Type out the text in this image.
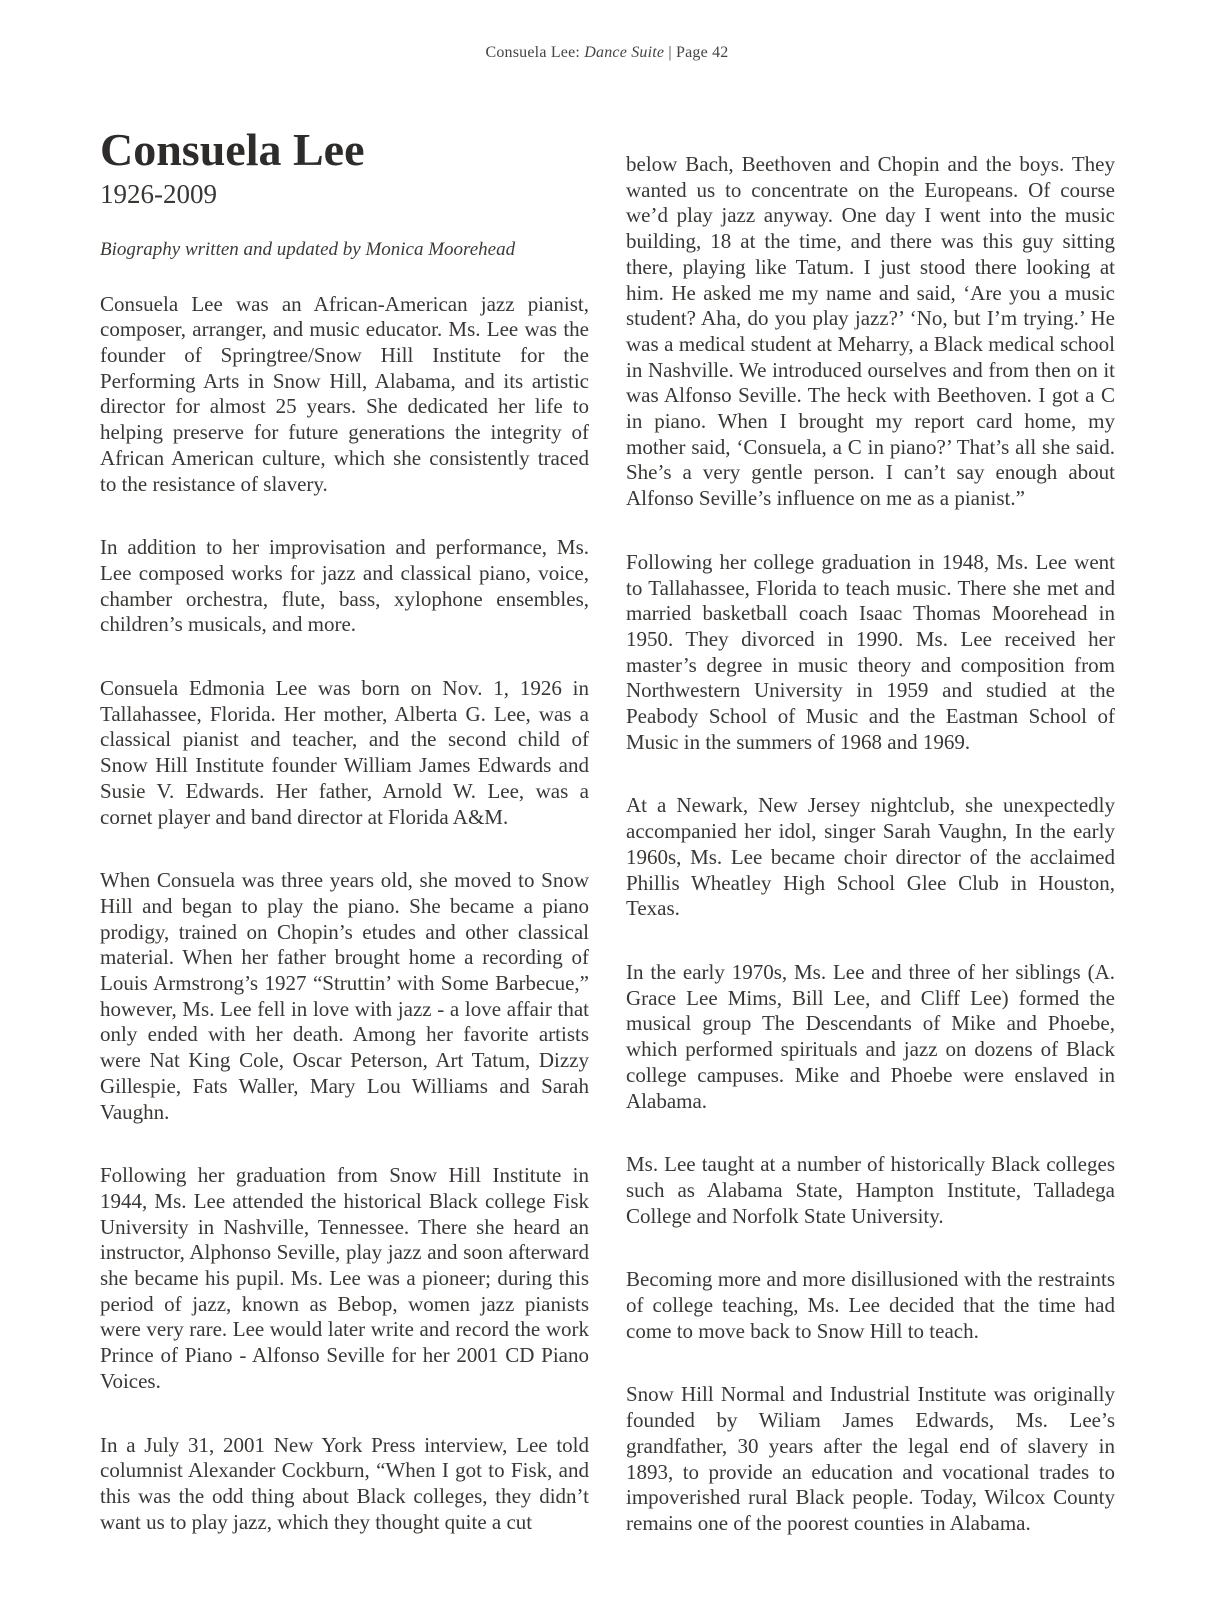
Consuela Lee: Dance Suite | Page 42
Consuela Lee
1926-2009
Biography written and updated by Monica Moorehead

Consuela Lee was an African-American jazz pianist, composer, arranger, and music educator. Ms. Lee was the founder of Springtree/Snow Hill Institute for the Performing Arts in Snow Hill, Alabama, and its artistic director for almost 25 years. She dedicated her life to helping preserve for future generations the integrity of African American culture, which she consistently traced to the resistance of slavery.

In addition to her improvisation and performance, Ms. Lee composed works for jazz and classical piano, voice, chamber orchestra, flute, bass, xylophone ensembles, children’s musicals, and more.

Consuela Edmonia Lee was born on Nov. 1, 1926 in Tallahassee, Florida. Her mother, Alberta G. Lee, was a classical pianist and teacher, and the second child of Snow Hill Institute founder William James Edwards and Susie V. Edwards. Her father, Arnold W. Lee, was a cornet player and band director at Florida A&M.

When Consuela was three years old, she moved to Snow Hill and began to play the piano. She became a piano prodigy, trained on Chopin’s etudes and other classical material. When her father brought home a recording of Louis Armstrong’s 1927 “Struttin’ with Some Barbecue,” however, Ms. Lee fell in love with jazz - a love affair that only ended with her death. Among her favorite artists were Nat King Cole, Oscar Peterson, Art Tatum, Dizzy Gillespie, Fats Waller, Mary Lou Williams and Sarah Vaughn.

Following her graduation from Snow Hill Institute in 1944, Ms. Lee attended the historical Black college Fisk University in Nashville, Tennessee. There she heard an instructor, Alphonso Seville, play jazz and soon afterward she became his pupil. Ms. Lee was a pioneer; during this period of jazz, known as Bebop, women jazz pianists were very rare. Lee would later write and record the work Prince of Piano - Alfonso Seville for her 2001 CD Piano Voices.

In a July 31, 2001 New York Press interview, Lee told columnist Alexander Cockburn, “When I got to Fisk, and this was the odd thing about Black colleges, they didn’t want us to play jazz, which they thought quite a cut

below Bach, Beethoven and Chopin and the boys. They wanted us to concentrate on the Europeans. Of course we’d play jazz anyway. One day I went into the music building, 18 at the time, and there was this guy sitting there, playing like Tatum. I just stood there looking at him. He asked me my name and said, ‘Are you a music student? Aha, do you play jazz?’ ‘No, but I’m trying.’ He was a medical student at Meharry, a Black medical school in Nashville. We introduced ourselves and from then on it was Alfonso Seville. The heck with Beethoven. I got a C in piano. When I brought my report card home, my mother said, ‘Consuela, a C in piano?’ That’s all she said. She’s a very gentle person. I can’t say enough about Alfonso Seville’s influence on me as a pianist.”

Following her college graduation in 1948, Ms. Lee went to Tallahassee, Florida to teach music. There she met and married basketball coach Isaac Thomas Moorehead in 1950. They divorced in 1990. Ms. Lee received her master’s degree in music theory and composition from Northwestern University in 1959 and studied at the Peabody School of Music and the Eastman School of Music in the summers of 1968 and 1969.

At a Newark, New Jersey nightclub, she unexpectedly accompanied her idol, singer Sarah Vaughn, In the early 1960s, Ms. Lee became choir director of the acclaimed Phillis Wheatley High School Glee Club in Houston, Texas.

In the early 1970s, Ms. Lee and three of her siblings (A. Grace Lee Mims, Bill Lee, and Cliff Lee) formed the musical group The Descendants of Mike and Phoebe, which performed spirituals and jazz on dozens of Black college campuses. Mike and Phoebe were enslaved in Alabama.

Ms. Lee taught at a number of historically Black colleges such as Alabama State, Hampton Institute, Talladega College and Norfolk State University.

Becoming more and more disillusioned with the restraints of college teaching, Ms. Lee decided that the time had come to move back to Snow Hill to teach.

Snow Hill Normal and Industrial Institute was originally founded by Wiliam James Edwards, Ms. Lee’s grandfather, 30 years after the legal end of slavery in 1893, to provide an education and vocational trades to impoverished rural Black people. Today, Wilcox County remains one of the poorest counties in Alabama.
